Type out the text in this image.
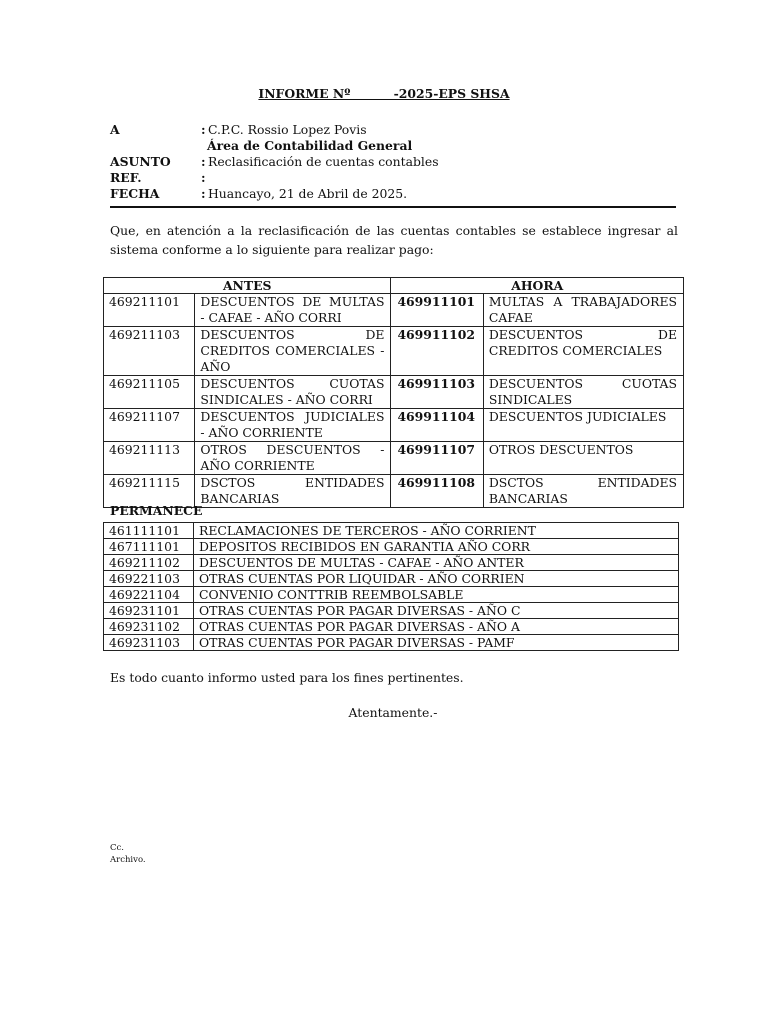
INFORME Nº          -2025-EPS SHSA
A	: C.P.C. Rossio Lopez Povis
Área de Contabilidad General
ASUNTO : Reclasificación de cuentas contables
REF.	:
FECHA	: Huancayo, 21 de Abril de 2025.
Que, en atención a la reclasificación de las cuentas contables se establece ingresar al sistema conforme a lo siguiente para realizar pago:
ANTES		AHORA	
469211101	DESCUENTOS DE MULTAS - CAFAE - AÑO CORRI	469911101	MULTAS A TRABAJADORES CAFAE
469211103	DESCUENTOS DE CREDITOS COMERCIALES - AÑO	469911102	DESCUENTOS DE CREDITOS COMERCIALES
469211105	DESCUENTOS CUOTAS SINDICALES - AÑO CORRI	469911103	DESCUENTOS CUOTAS SINDICALES
469211107	DESCUENTOS JUDICIALES - AÑO CORRIENTE	469911104	DESCUENTOS JUDICIALES
469211113	OTROS DESCUENTOS - AÑO CORRIENTE	469911107	OTROS DESCUENTOS
469211115	DSCTOS ENTIDADES BANCARIAS	469911108	DSCTOS ENTIDADES BANCARIAS
PERMANECE
461111101	RECLAMACIONES DE TERCEROS - AÑO CORRIENT
467111101	DEPOSITOS RECIBIDOS EN GARANTIA AÑO CORR
469211102	DESCUENTOS DE MULTAS - CAFAE - AÑO ANTER
469221103	OTRAS CUENTAS POR LIQUIDAR - AÑO CORRIEN
469221104	CONVENIO CONTTRIB REEMBOLSABLE
469231101	OTRAS CUENTAS POR PAGAR DIVERSAS - AÑO C
469231102	OTRAS CUENTAS POR PAGAR DIVERSAS - AÑO A
469231103	OTRAS CUENTAS POR PAGAR DIVERSAS - PAMF
Es todo cuanto informo usted para los fines pertinentes.
Atentamente.-
Cc.
Archivo.
